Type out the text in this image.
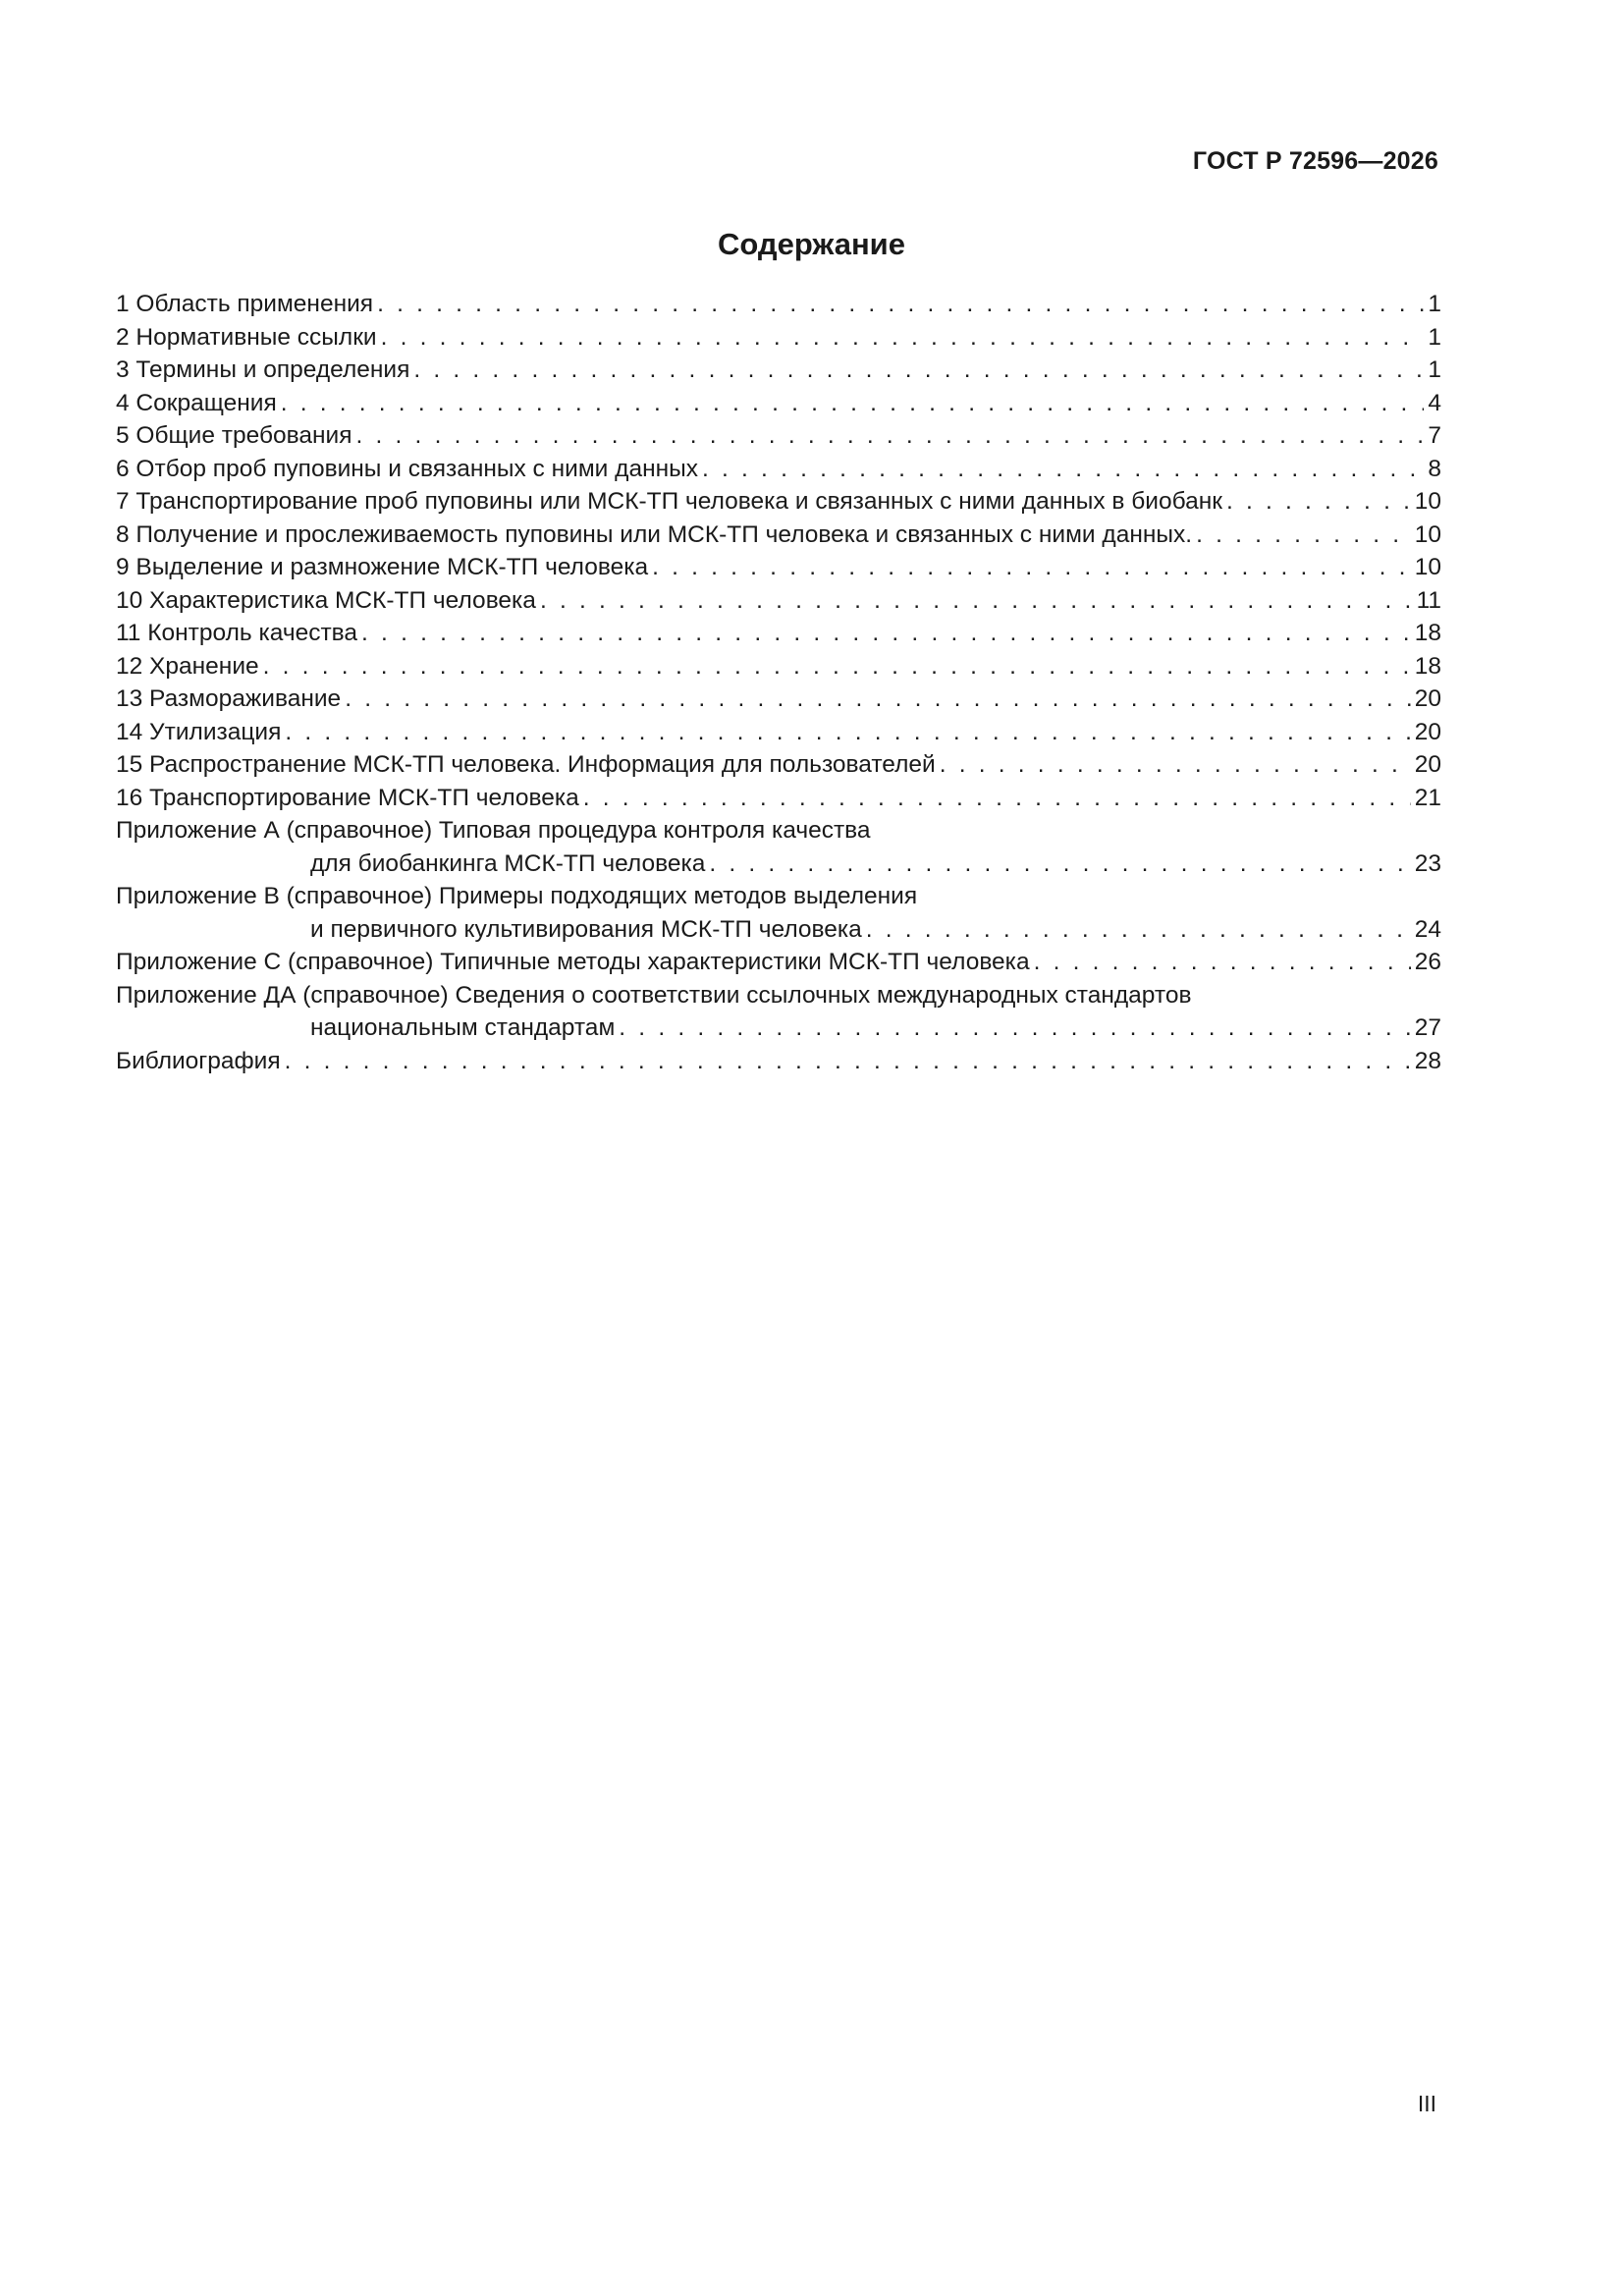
ГОСТ Р 72596—2026
Содержание
1 Область применения . . .	1
2 Нормативные ссылки . . .	1
3 Термины и определения . . .	1
4 Сокращения . . .	4
5 Общие требования . . .	7
6 Отбор проб пуповины и связанных с ними данных . . .	8
7 Транспортирование проб пуповины или МСК-ТП человека и связанных с ними данных в биобанк . . .	10
8 Получение и прослеживаемость пуповины или МСК-ТП человека и связанных с ними данных. . . .	10
9 Выделение и размножение МСК-ТП человека . . .	10
10 Характеристика МСК-ТП человека . . .	11
11 Контроль качества . . .	18
12 Хранение . . .	18
13 Размораживание . . .	20
14 Утилизация . . .	20
15 Распространение МСК-ТП человека. Информация для пользователей . . .	20
16 Транспортирование МСК-ТП человека . . .	21
Приложение А (справочное) Типовая процедура контроля качества
для биобанкинга МСК-ТП человека . . .	23
Приложение В (справочное) Примеры подходящих методов выделения
и первичного культивирования МСК-ТП человека . . .	24
Приложение С (справочное) Типичные методы характеристики МСК-ТП человека . . .	26
Приложение ДА (справочное) Сведения о соответствии ссылочных международных стандартов
национальным стандартам . . .	27
Библиография . . .	28
III
